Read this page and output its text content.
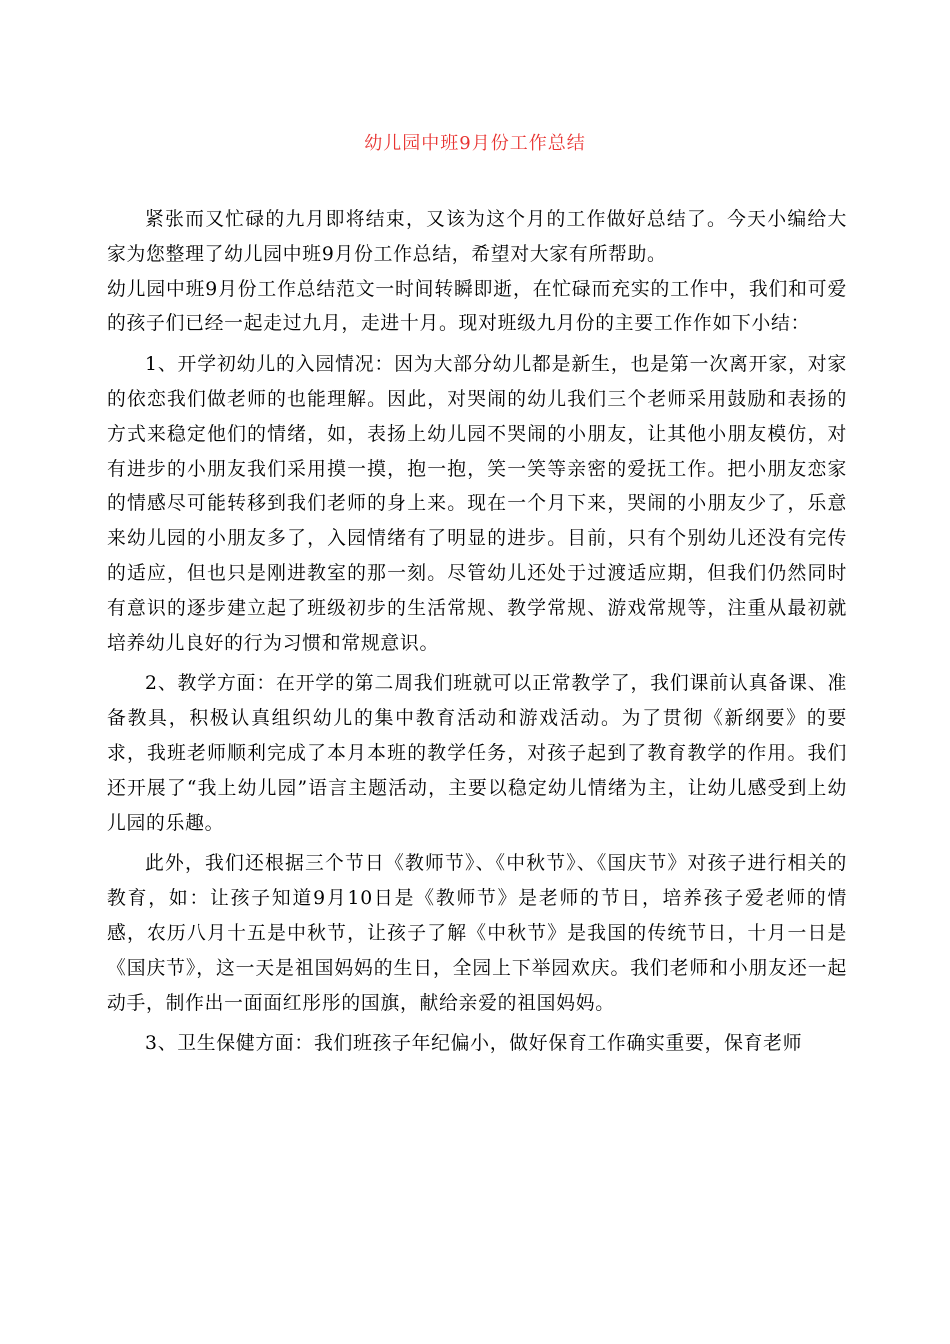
幼儿园中班9月份工作总结

紧张而又忙碌的九月即将结束，又该为这个月的工作做好总结了。今天小编给大家为您整理了幼儿园中班9月份工作总结，希望对大家有所帮助。

幼儿园中班9月份工作总结范文一时间转瞬即逝，在忙碌而充实的工作中，我们和可爱的孩子们已经一起走过九月，走进十月。现对班级九月份的主要工作作如下小结：

1、开学初幼儿的入园情况：因为大部分幼儿都是新生，也是第一次离开家，对家的依恋我们做老师的也能理解。因此，对哭闹的幼儿我们三个老师采用鼓励和表扬的方式来稳定他们的情绪，如，表扬上幼儿园不哭闹的小朋友，让其他小朋友模仿，对有进步的小朋友我们采用摸一摸，抱一抱，笑一笑等亲密的爱抚工作。把小朋友恋家的情感尽可能转移到我们老师的身上来。现在一个月下来，哭闹的小朋友少了，乐意来幼儿园的小朋友多了，入园情绪有了明显的进步。目前，只有个别幼儿还没有完传的适应，但也只是刚进教室的那一刻。尽管幼儿还处于过渡适应期，但我们仍然同时有意识的逐步建立起了班级初步的生活常规、教学常规、游戏常规等，注重从最初就培养幼儿良好的行为习惯和常规意识。

2、教学方面：在开学的第二周我们班就可以正常教学了，我们课前认真备课、准备教具，积极认真组织幼儿的集中教育活动和游戏活动。为了贯彻《新纲要》的要求，我班老师顺利完成了本月本班的教学任务，对孩子起到了教育教学的作用。我们还开展了“我上幼儿园”语言主题活动，主要以稳定幼儿情绪为主，让幼儿感受到上幼儿园的乐趣。

此外，我们还根据三个节日《教师节》、《中秋节》、《国庆节》对孩子进行相关的教育，如：让孩子知道9月10日是《教师节》是老师的节日，培养孩子爱老师的情感，农历八月十五是中秋节，让孩子了解《中秋节》是我国的传统节日，十月一日是《国庆节》，这一天是祖国妈妈的生日，全园上下举园欢庆。我们老师和小朋友还一起动手，制作出一面面红彤彤的国旗，献给亲爱的祖国妈妈。

3、卫生保健方面：我们班孩子年纪偏小，做好保育工作确实重要，保育老师
